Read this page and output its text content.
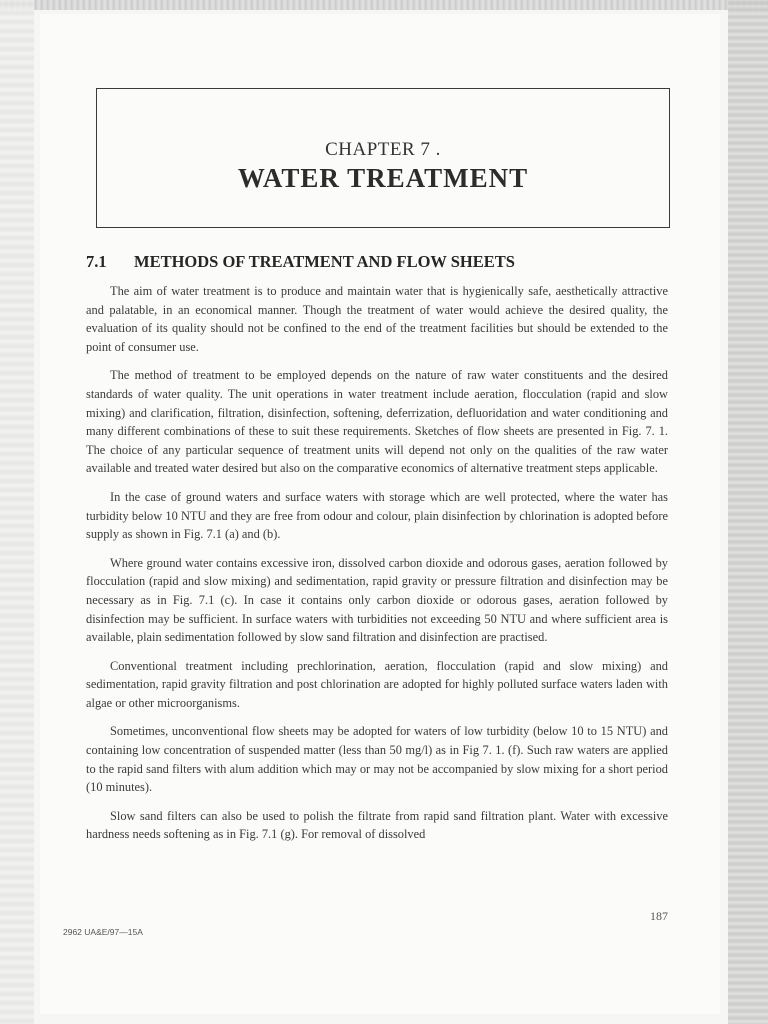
CHAPTER 7 .
WATER TREATMENT
7.1 METHODS OF TREATMENT AND FLOW SHEETS

The aim of water treatment is to produce and maintain water that is hygienically safe, aesthetically attractive and palatable, in an economical manner. Though the treatment of water would achieve the desired quality, the evaluation of its quality should not be confined to the end of the treatment facilities but should be extended to the point of consumer use.

The method of treatment to be employed depends on the nature of raw water constituents and the desired standards of water quality. The unit operations in water treatment include aeration, flocculation (rapid and slow mixing) and clarification, filtration, disinfection, softening, deferrization, defluoridation and water conditioning and many different combinations of these to suit these requirements. Sketches of flow sheets are presented in Fig. 7. 1. The choice of any particular sequence of treatment units will depend not only on the qualities of the raw water available and treated water desired but also on the comparative economics of alternative treatment steps applicable.

In the case of ground waters and surface waters with storage which are well protected, where the water has turbidity below 10 NTU and they are free from odour and colour, plain disinfection by chlorination is adopted before supply as shown in Fig. 7.1 (a) and (b).

Where ground water contains excessive iron, dissolved carbon dioxide and odorous gases, aeration followed by flocculation (rapid and slow mixing) and sedimentation, rapid gravity or pressure filtration and disinfection may be necessary as in Fig. 7.1 (c). In case it contains only carbon dioxide or odorous gases, aeration followed by disinfection may be sufficient. In surface waters with turbidities not exceeding 50 NTU and where sufficient area is available, plain sedimentation followed by slow sand filtration and disinfection are practised.

Conventional treatment including prechlorination, aeration, flocculation (rapid and slow mixing) and sedimentation, rapid gravity filtration and post chlorination are adopted for highly polluted surface waters laden with algae or other microorganisms.

Sometimes, unconventional flow sheets may be adopted for waters of low turbidity (below 10 to 15 NTU) and containing low concentration of suspended matter (less than 50 mg/l) as in Fig 7. 1. (f). Such raw waters are applied to the rapid sand filters with alum addition which may or may not be accompanied by slow mixing for a short period (10 minutes).

Slow sand filters can also be used to polish the filtrate from rapid sand filtration plant. Water with excessive hardness needs softening as in Fig. 7.1 (g). For removal of dissolved

187
2962 UA&E/97—15A
